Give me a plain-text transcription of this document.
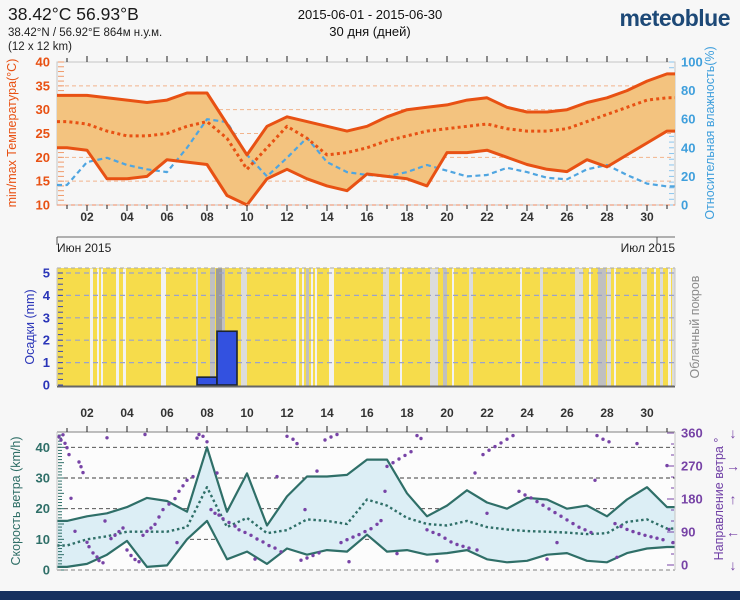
38.42°С 56.93°В
38.42°N / 56.92°E 864м н.у.м.
(12 x 12 km)
2015-06-01 - 2015-06-30
30 дня (дней)
meteoblue
10
15
20
25
30
35
40
0
20
40
60
80
100
02 04 06 08 10 12 14 16 18 20 22 24 26 28 30
Июн 2015	Июл 2015
0
1
2
3
4
5
02 04 06 08 10 12 14 16 18 20 22 24 26 28 30
0
10
20
30
40
0
90
180
270
360 ↓
→
↑
←
↓
min/max Температура(°C)	Относительная влажность(%)
Осадки (mm)	Облачный покров
Скорость ветра (km/h)	Направление ветра °
